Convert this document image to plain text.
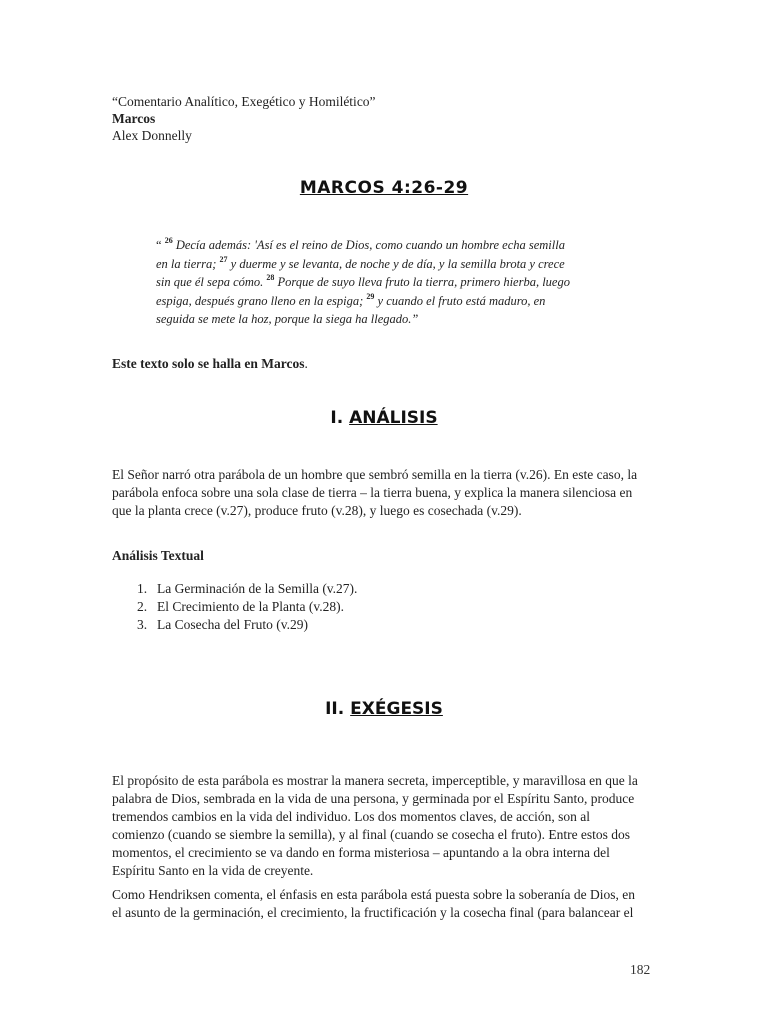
“Comentario Analítico, Exegético y Homilético”
Marcos
Alex Donnelly
MARCOS 4:26-29
“ $^{26}$ Decía además: 'Así es el reino de Dios, como cuando un hombre echa semilla
en la tierra; $^{27}$ y duerme y se levanta, de noche y de día, y la semilla brota y crece
sin que él sepa cómo. $^{28}$ Porque de suyo lleva fruto la tierra, primero hierba, luego
espiga, después grano lleno en la espiga; $^{29}$ y cuando el fruto está maduro, en
seguida se mete la hoz, porque la siega ha llegado.”
Este texto solo se halla en Marcos.
I. ANÁLISIS
El Señor narró otra parábola de un hombre que sembró semilla en la tierra (v.26). En este caso, la
parábola enfoca sobre una sola clase de tierra – la tierra buena, y explica la manera silenciosa en
que la planta crece (v.27), produce fruto (v.28), y luego es cosechada (v.29).
Análisis Textual
1. La Germinación de la Semilla (v.27).
2. El Crecimiento de la Planta (v.28).
3. La Cosecha del Fruto (v.29)
II. EXÉGESIS
El propósito de esta parábola es mostrar la manera secreta, imperceptible, y maravillosa en que la
palabra de Dios, sembrada en la vida de una persona, y germinada por el Espíritu Santo, produce
tremendos cambios en la vida del individuo. Los dos momentos claves, de acción, son al
comienzo (cuando se siembre la semilla), y al final (cuando se cosecha el fruto). Entre estos dos
momentos, el crecimiento se va dando en forma misteriosa – apuntando a la obra interna del
Espíritu Santo en la vida de creyente.
Como Hendriksen comenta, el énfasis en esta parábola está puesta sobre la soberanía de Dios, en
el asunto de la germinación, el crecimiento, la fructificación y la cosecha final (para balancear el
182
